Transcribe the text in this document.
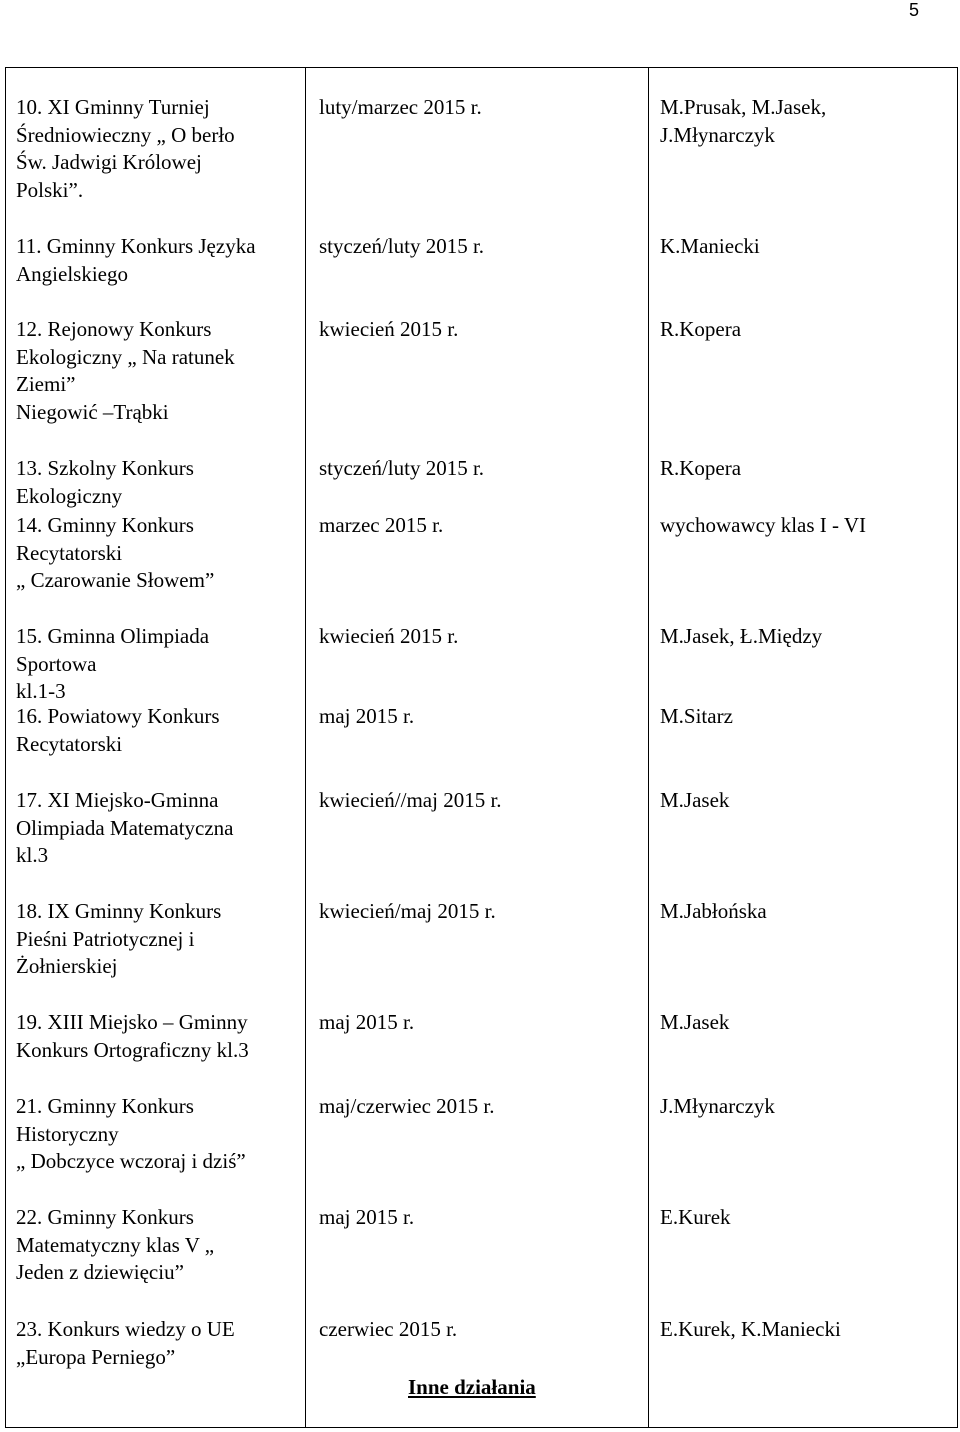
5
10. XI Gminny Turniej
Średniowieczny „ O berło
Św. Jadwigi Królowej
Polski”.
luty/marzec 2015 r.	M.Prusak, M.Jasek,
J.Młynarczyk
11. Gminny Konkurs Języka
Angielskiego
styczeń/luty 2015 r.	K.Maniecki
12. Rejonowy Konkurs
Ekologiczny „ Na ratunek
Ziemi”
Niegowić –Trąbki
kwiecień 2015 r.	R.Kopera
13. Szkolny Konkurs
Ekologiczny
styczeń/luty 2015 r.	R.Kopera
14. Gminny Konkurs
Recytatorski
„ Czarowanie Słowem”
marzec 2015 r.	wychowawcy klas I - VI
15. Gminna Olimpiada
Sportowa
kl.1-3
kwiecień 2015 r.	M.Jasek, Ł.Między
16. Powiatowy Konkurs
Recytatorski
maj 2015 r.	M.Sitarz
17. XI Miejsko-Gminna
Olimpiada Matematyczna
kl.3
kwiecień//maj 2015 r.	M.Jasek
18. IX Gminny Konkurs
Pieśni Patriotycznej i
Żołnierskiej
kwiecień/maj 2015 r.	M.Jabłońska
19. XIII Miejsko – Gminny
Konkurs Ortograficzny kl.3
maj 2015 r.	M.Jasek
21. Gminny Konkurs
Historyczny
„ Dobczyce wczoraj i dziś”
maj/czerwiec 2015 r.	J.Młynarczyk
22. Gminny Konkurs
Matematyczny klas V „
Jeden z dziewięciu”
maj 2015 r.	E.Kurek
23. Konkurs wiedzy o UE
„Europa Perniego”
czerwiec 2015 r.	E.Kurek, K.Maniecki
Inne działania
